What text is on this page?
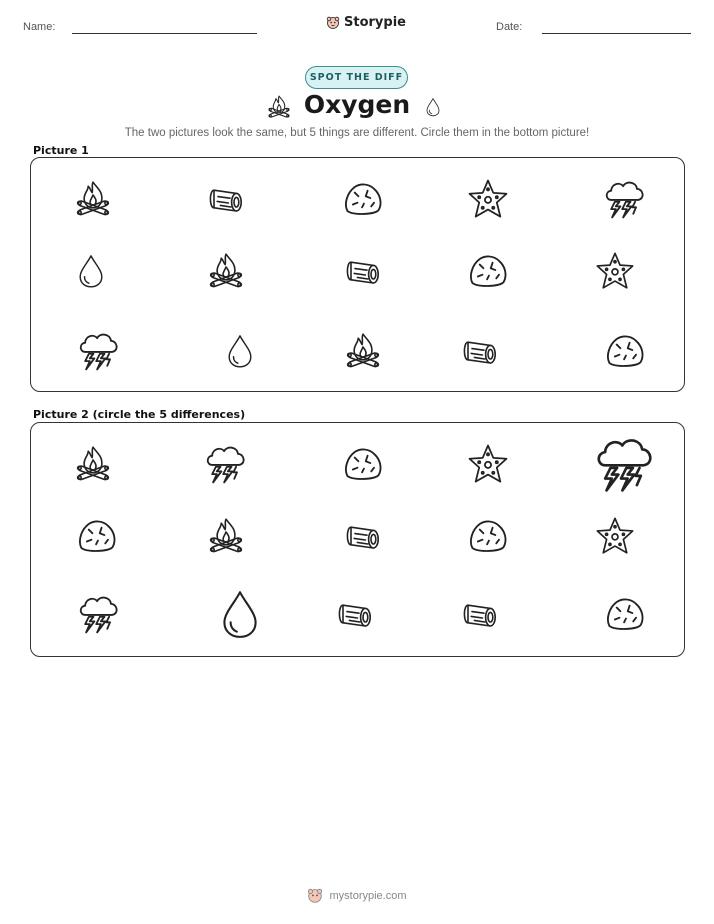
Name:	Storypie	Date:
SPOT THE DIFF
Oxygen
The two pictures look the same, but 5 things are different. Circle them in the bottom picture!
Picture 1
Picture 2 (circle the 5 differences)
mystorypie.com
